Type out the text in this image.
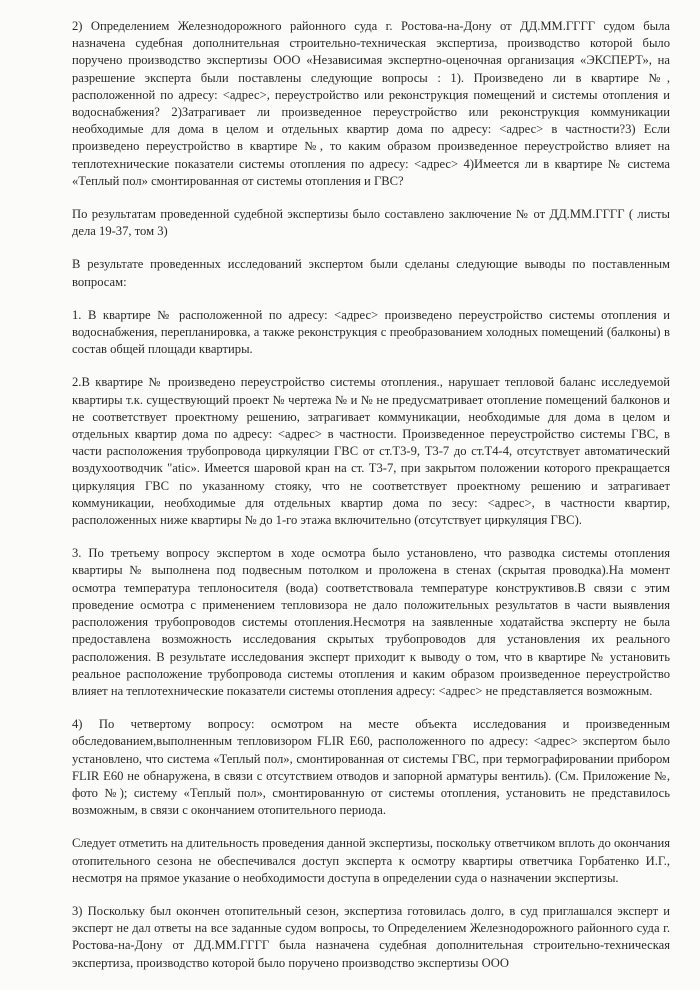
2) Определением Железнодорожного районного суда г. Ростова-на-Дону от ДД.ММ.ГГГГ судом была назначена судебная дополнительная строительно-техническая экспертиза, производство которой было поручено производство экспертизы ООО «Независимая экспертно-оценочная организация «ЭКСПЕРТ», на разрешение эксперта были поставлены следующие вопросы : 1). Произведено ли в квартире №, расположенной по адресу: <адрес>, переустройство или реконструкция помещений и системы отопления и водоснабжения? 2)Затрагивает ли произведенное переустройство или реконструкция коммуникации необходимые для дома в целом и отдельных квартир дома по адресу: <адрес> в частности?3) Если произведено переустройство в квартире №, то каким образом произведенное переустройство влияет на теплотехнические показатели системы отопления по адресу: <адрес> 4)Имеется ли в квартире № система «Теплый пол» смонтированная от системы отопления и ГВС?

По результатам проведенной судебной экспертизы было составлено заключение № от ДД.ММ.ГГГГ ( листы дела 19-37, том 3)

В результате проведенных исследований экспертом были сделаны следующие выводы по поставленным вопросам:

1. В квартире № расположенной по адресу: <адрес> произведено переустройство системы отопления и водоснабжения, перепланировка, а также реконструкция с преобразованием холодных помещений (балконы) в состав общей площади квартиры.

2.В квартире № произведено переустройство системы отопления., нарушает тепловой баланс исследуемой квартиры т.к. существующий проект № чертежа № и № не предусматривает отопление помещений балконов и не соответствует проектному решению, затрагивает коммуникации, необходимые для дома в целом и отдельных квартир дома по адресу: <адрес> в частности. Произведенное переустройство системы ГВС, в части расположения трубопровода циркуляции ГВС от ст.Т3-9, Т3-7 до ст.Т4-4, отсутствует автоматический воздухоотводчик "atic». Имеется шаровой кран на ст. Т3-7, при закрытом положении которого прекращается циркуляция ГВС по указанному стояку, что не соответствует проектному решению и затрагивает коммуникации, необходимые для отдельных квартир дома по зесу: <адрес>, в частности квартир, расположенных ниже квартиры № до 1-го этажа включительно (отсутствует циркуляция ГВС).

3. По третьему вопросу экспертом в ходе осмотра было установлено, что разводка системы отопления квартиры № выполнена под подвесным потолком и проложена в стенах (скрытая проводка).На момент осмотра температура теплоносителя (вода) соответствовала температуре конструктивов.В связи с этим проведение осмотра с применением тепловизора не дало положительных результатов в части выявления расположения трубопроводов системы отопления.Несмотря на заявленные ходатайства эксперту не была предоставлена возможность исследования скрытых трубопроводов для установления их реального расположения. В результате исследования эксперт приходит к выводу о том, что в квартире № установить реальное расположение трубопровода системы отопления и каким образом произведенное переустройство влияет на теплотехнические показатели системы отопления адресу: <адрес> не представляется возможным.

4) По четвертому вопросу: осмотром на месте объекта исследования и произведенным обследованием,выполненным тепловизором FLIR E60, расположенного по адресу: <адрес> экспертом было установлено, что система «Теплый пол», смонтированная от системы ГВС, при термографировании прибором FLIR E60 не обнаружена, в связи с отсутствием отводов и запорной арматуры вентиль). (См. Приложение №, фото №); систему «Теплый пол», смонтированную от системы отопления, установить не представилось возможным, в связи с окончанием отопительного периода.

Следует отметить на длительность проведения данной экспертизы, поскольку ответчиком вплоть до окончания отопительного сезона не обеспечивался доступ эксперта к осмотру квартиры ответчика Горбатенко И.Г., несмотря на прямое указание о необходимости доступа в определении суда о назначении экспертизы.

3) Поскольку был окончен отопительный сезон, экспертиза готовилась долго, в суд приглашался эксперт и эксперт не дал ответы на все заданные судом вопросы, то Определением Железнодорожного районного суда г. Ростова-на-Дону от ДД.ММ.ГГГГ была назначена судебная дополнительная строительно-техническая экспертиза, производство которой было поручено производство экспертизы ООО
